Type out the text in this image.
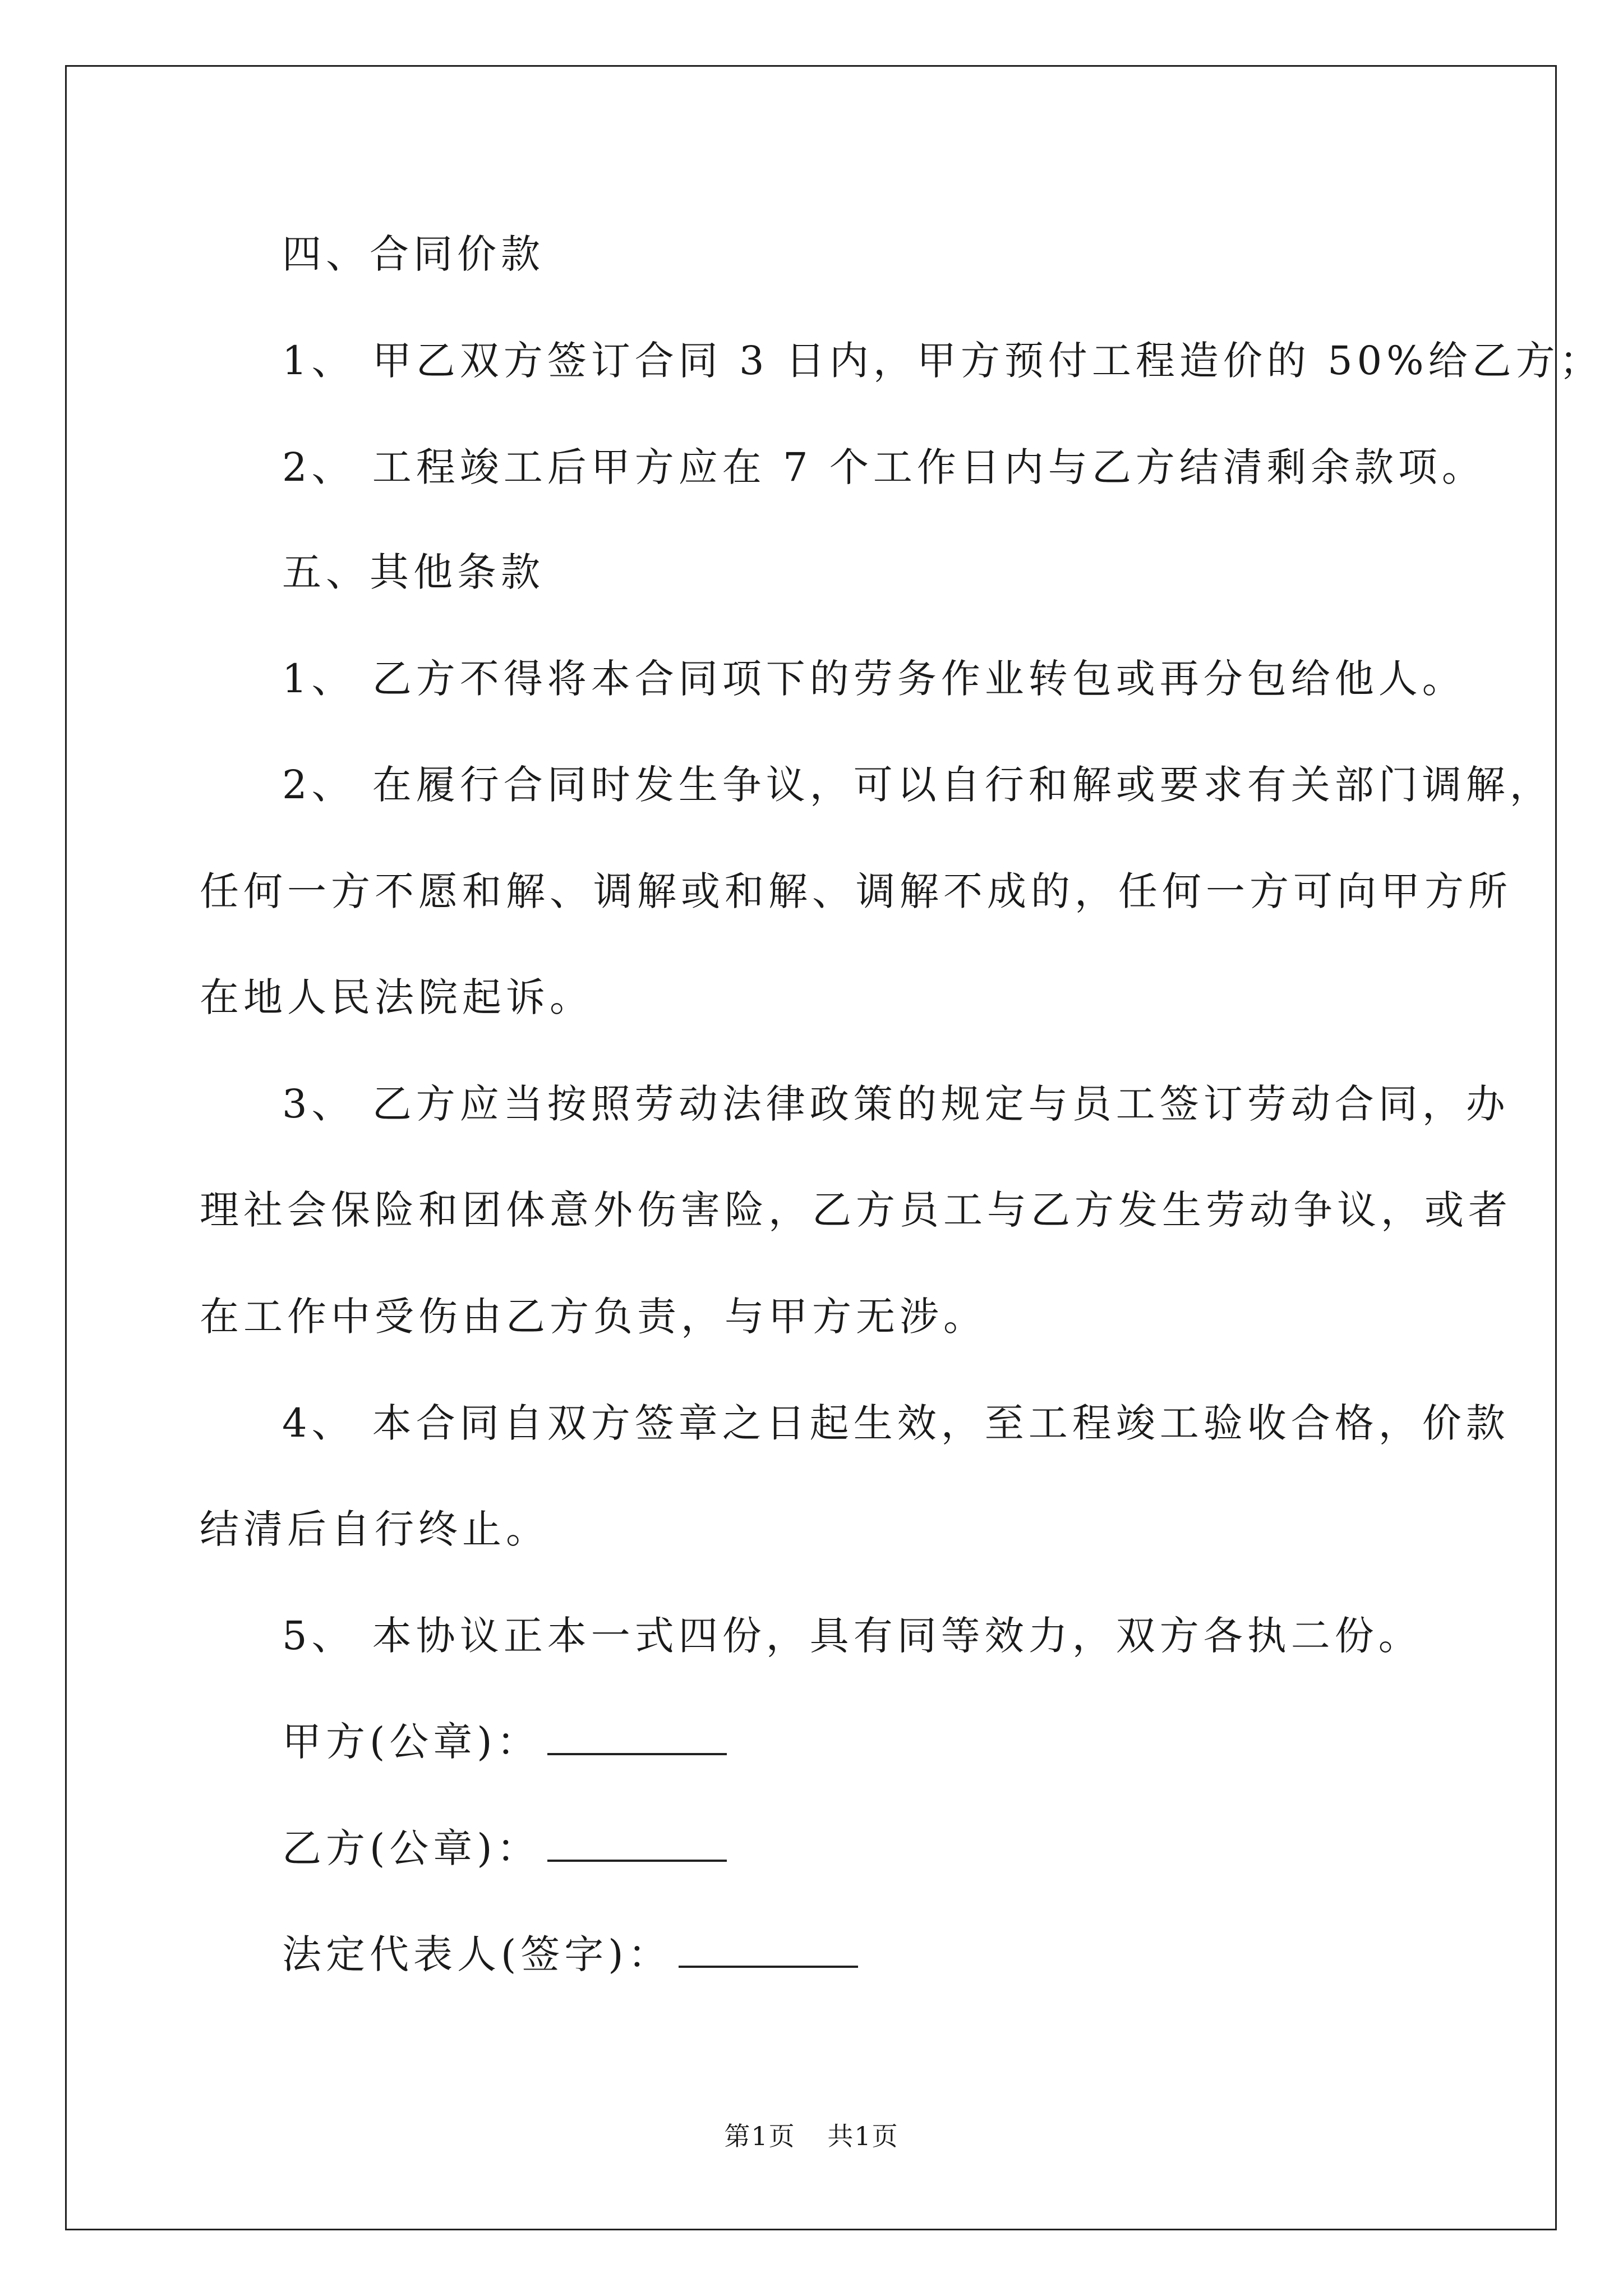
四、合同价款
1、 甲乙双方签订合同 3 日内，甲方预付工程造价的 50%给乙方；
2、 工程竣工后甲方应在 7 个工作日内与乙方结清剩余款项。
五、其他条款
1、 乙方不得将本合同项下的劳务作业转包或再分包给他人。
2、 在履行合同时发生争议，可以自行和解或要求有关部门调解，
任何一方不愿和解、调解或和解、调解不成的，任何一方可向甲方所
在地人民法院起诉。
3、 乙方应当按照劳动法律政策的规定与员工签订劳动合同，办
理社会保险和团体意外伤害险，乙方员工与乙方发生劳动争议，或者
在工作中受伤由乙方负责，与甲方无涉。
4、 本合同自双方签章之日起生效，至工程竣工验收合格，价款
结清后自行终止。
5、 本协议正本一式四份，具有同等效力，双方各执二份。
甲方(公章)：
乙方(公章)：
法定代表人(签字)：
第1页 共1页
